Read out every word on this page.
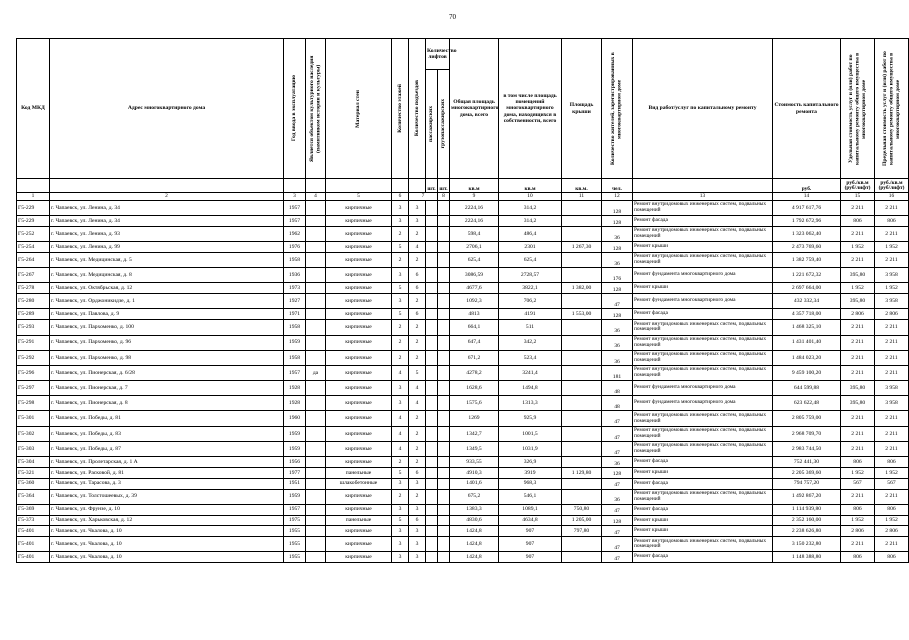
70
Код МКД	Адрес многоквартирного дома	Год ввода в эксплуатацию	Является объектом культурного наследия (памятником истории и культуры)	Материал стен	Количество этажей	Количество подъездов	Количество лифтов		Общая площадь многоквартирного дома, всего	в том числе площадь помещений многоквартирного дома, находящихся в собственности, всего	Площадь крыши	Количество жителей, зарегистрированных в многоквартирном доме	Вид работ/услуг по капитальному ремонту	Стоимость капитального ремонта	Удельная стоимость услуг и (или) работ по капитальному ремонту общего имущества в многоквартирном доме	Предельная стоимость услуг и (или) работ по капитальному ремонту общего имущества в многоквартирном доме

							пассажирских	грузопассажирских								

							шт.	шт.	кв.м	кв.м	кв.м.	чел.		руб.	руб./кв.м (руб/лифт)	руб./кв.м (руб/лифт)
1	2	3	4	5	6	7		8	9	10	11	12	13	14	15	16
Г5-229	г. Чапаевск, ул. Ленина, д. 34	1957		кирпичные	3	3			2224,16	314,2		128	Ремонт внутридомовых инженерных систем, подвальных помещений	4 917 617,76	2 211	2 211
Г5-229	г. Чапаевск, ул. Ленина, д. 34	1957		кирпичные	3	3			2224,16	314,2		128	Ремонт фасада	1 792 672,96	806	806
Г5-252	г. Чапаевск, ул. Ленина, д. 93	1962		кирпичные	2	2			598,4	486,4		36	Ремонт внутридомовых инженерных систем, подвальных помещений	1 323 062,40	2 211	2 211
Г5-254	г. Чапаевск, ул. Ленина, д. 99	1976		кирпичные	5	4			2706,1	2301	1 267,30	128	Ремонт крыши	2 473 769,60	1 952	1 952
Г5-264	г. Чапаевск, ул. Медицинская, д. 5	1958		кирпичные	2	2			625,4	625,4		36	Ремонт внутридомовых инженерных систем, подвальных помещений	1 382 759,40	2 211	2 211
Г5-267	г. Чапаевск, ул. Медицинская, д. 8	1936		кирпичные	3	6			3086,59	2728,57		176	Ремонт фундамента многоквартирного дома	1 221 672,32	395,80	3 958
Г5-278	г. Чапаевск, ул. Октябрьская, д. 12	1973		кирпичные	5	6			4677,6	3822,1	1 382,00	128	Ремонт крыши	2 697 664,00	1 952	1 952
Г5-280	г. Чапаевск, ул. Орджоникидзе, д. 1	1927		кирпичные	3	2			1092,3	706,2		47	Ремонт фундамента многоквартирного дома	432 332,34	395,80	3 958
Г5-289	г. Чапаевск, ул. Павлова, д. 9	1971		кирпичные	5	6			4813	4191	1 553,00	128	Ремонт фасада	4 357 718,00	2 806	2 806
Г5-293	г. Чапаевск, ул. Пархоменко, д. 100	1958		кирпичные	2	2			664,1	511		36	Ремонт внутридомовых инженерных систем, подвальных помещений	1 468 325,10	2 211	2 211
Г5-291	г. Чапаевск, ул. Пархоменко, д. 96	1959		кирпичные	2	2			647,4	342,2		36	Ремонт внутридомовых инженерных систем, подвальных помещений	1 431 401,40	2 211	2 211
Г5-292	г. Чапаевск, ул. Пархоменко, д. 98	1958		кирпичные	2	2			671,2	523,4		36	Ремонт внутридомовых инженерных систем, подвальных помещений	1 484 023,20	2 211	2 211
Г5-296	г. Чапаевск, ул. Пионерская, д. 6/28	1957	да	кирпичные	4	5			4278,2	3241,4		181	Ремонт внутридомовых инженерных систем, подвальных помещений	9 459 100,20	2 211	2 211
Г5-297	г. Чапаевск, ул. Пионерская, д. 7	1928		кирпичные	3	4			1628,6	1494,8		48	Ремонт фундамента многоквартирного дома	644 599,88	395,80	3 958
Г5-298	г. Чапаевск, ул. Пионерская, д. 8	1928		кирпичные	3	4			1575,6	1313,3		48	Ремонт фундамента многоквартирного дома	623 622,48	395,80	3 958
Г5-301	г. Чапаевск, ул. Победы, д. 81	1960		кирпичные	4	2			1269	925,9		47	Ремонт внутридомовых инженерных систем, подвальных помещений	2 805 759,00	2 211	2 211
Г5-302	г. Чапаевск, ул. Победы, д. 83	1959		кирпичные	4	2			1342,7	1001,5		47	Ремонт внутридомовых инженерных систем, подвальных помещений	2 968 709,70	2 211	2 211
Г5-303	г. Чапаевск, ул. Победы, д. 87	1959		кирпичные	4	2			1349,5	1031,9		47	Ремонт внутридомовых инженерных систем, подвальных помещений	2 983 744,50	2 211	2 211
Г5-304	г. Чапаевск, ул. Пролетарская, д. 1 А	1956		кирпичные	2	2			933,55	326,9		36	Ремонт фасада	752 441,30	806	806
Г5-321	г. Чапаевск, ул. Расковой, д. 81	1977		панельные	5	6			4910,3	3919	1 129,80	128	Ремонт крыши	2 205 369,60	1 952	1 952
Г5-360	г. Чапаевск, ул. Тарасова, д. 3	1951		шлакобетонные	3	3			1401,6	968,3		47	Ремонт фасада	794 757,20	567	567
Г5-364	г. Чапаевск, ул. Толстошеевых, д. 39	1959		кирпичные	2	2			675,2	546,1		36	Ремонт внутридомовых инженерных систем, подвальных помещений	1 492 867,20	2 211	2 211
Г5-369	г. Чапаевск, ул. Фрунзе, д. 10	1957		кирпичные	3	3			1383,3	1089,1	750,80	47	Ремонт фасада	1 114 939,80	806	806
Г5-373	г. Чапаевск, ул. Харьковская, д. 12	1975		панельные	5	6			4830,6	4634,8	1 205,00	128	Ремонт крыши	2 352 160,00	1 952	1 952
Г5-401	г. Чапаевск, ул. Чкалова, д. 10	1955		кирпичные	3	3			1424,8	907	797,80	47	Ремонт крыши	2 238 626,80	2 806	2 806
Г5-401	г. Чапаевск, ул. Чкалова, д. 10	1955		кирпичные	3	3			1424,8	907		47	Ремонт внутридомовых инженерных систем, подвальных помещений	3 150 232,80	2 211	2 211
Г5-401	г. Чапаевск, ул. Чкалова, д. 10	1955		кирпичные	3	3			1424,8	907		47	Ремонт фасада	1 148 388,80	806	806
